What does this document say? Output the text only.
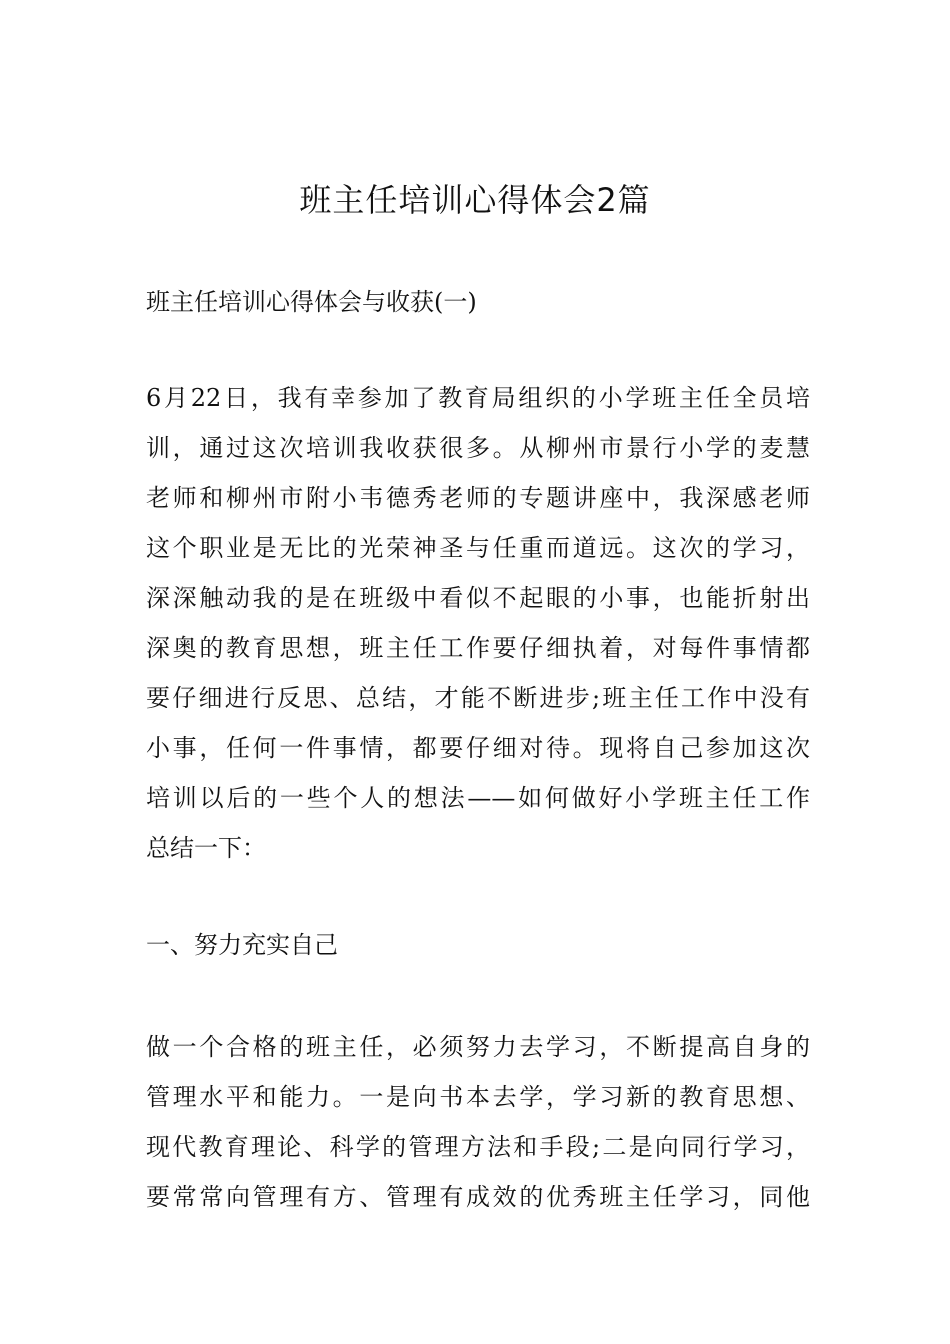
班主任培训心得体会2篇

班主任培训心得体会与收获(一)

6月22日，我有幸参加了教育局组织的小学班主任全员培
训，通过这次培训我收获很多。从柳州市景行小学的麦慧
老师和柳州市附小韦德秀老师的专题讲座中，我深感老师
这个职业是无比的光荣神圣与任重而道远。这次的学习，
深深触动我的是在班级中看似不起眼的小事，也能折射出
深奥的教育思想，班主任工作要仔细执着，对每件事情都
要仔细进行反思、总结，才能不断进步;班主任工作中没有
小事，任何一件事情，都要仔细对待。现将自己参加这次
培训以后的一些个人的想法——如何做好小学班主任工作
总结一下：

一、努力充实自己

做一个合格的班主任，必须努力去学习，不断提高自身的
管理水平和能力。一是向书本去学，学习新的教育思想、
现代教育理论、科学的管理方法和手段;二是向同行学习，
要常常向管理有方、管理有成效的优秀班主任学习，同他
